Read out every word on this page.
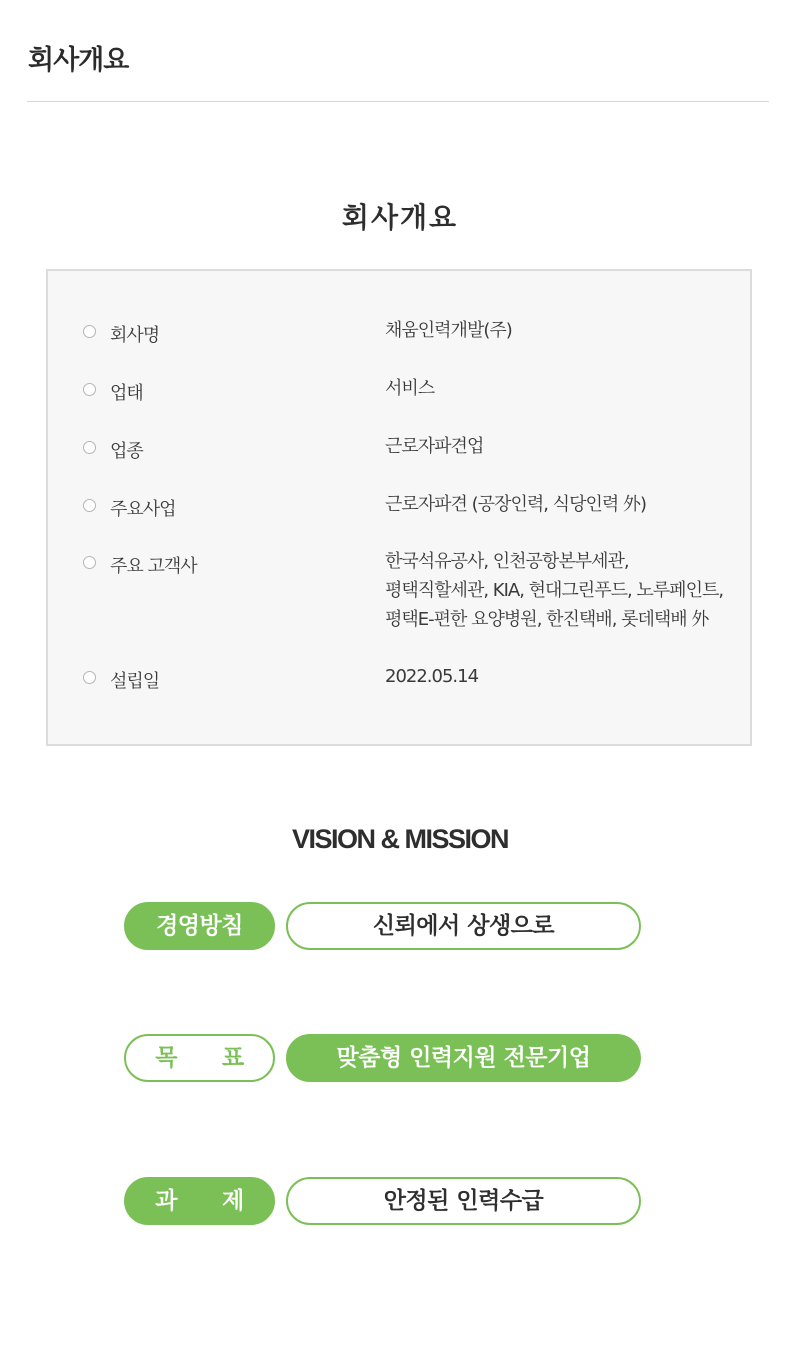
회사개요
회사개요
회사명	채움인력개발(주)
업태	서비스
업종	근로자파견업
주요사업	근로자파견 (공장인력, 식당인력 外)
주요 고객사	한국석유공사, 인천공항본부세관,
평택직할세관, KIA, 현대그린푸드, 노루페인트,
평택E-편한 요양병원, 한진택배, 롯데택배 外
설립일	2022.05.14
VISION & MISSION
경영방침	신뢰에서 상생으로
목　　표	맞춤형 인력지원 전문기업
과　　제	안정된 인력수급
